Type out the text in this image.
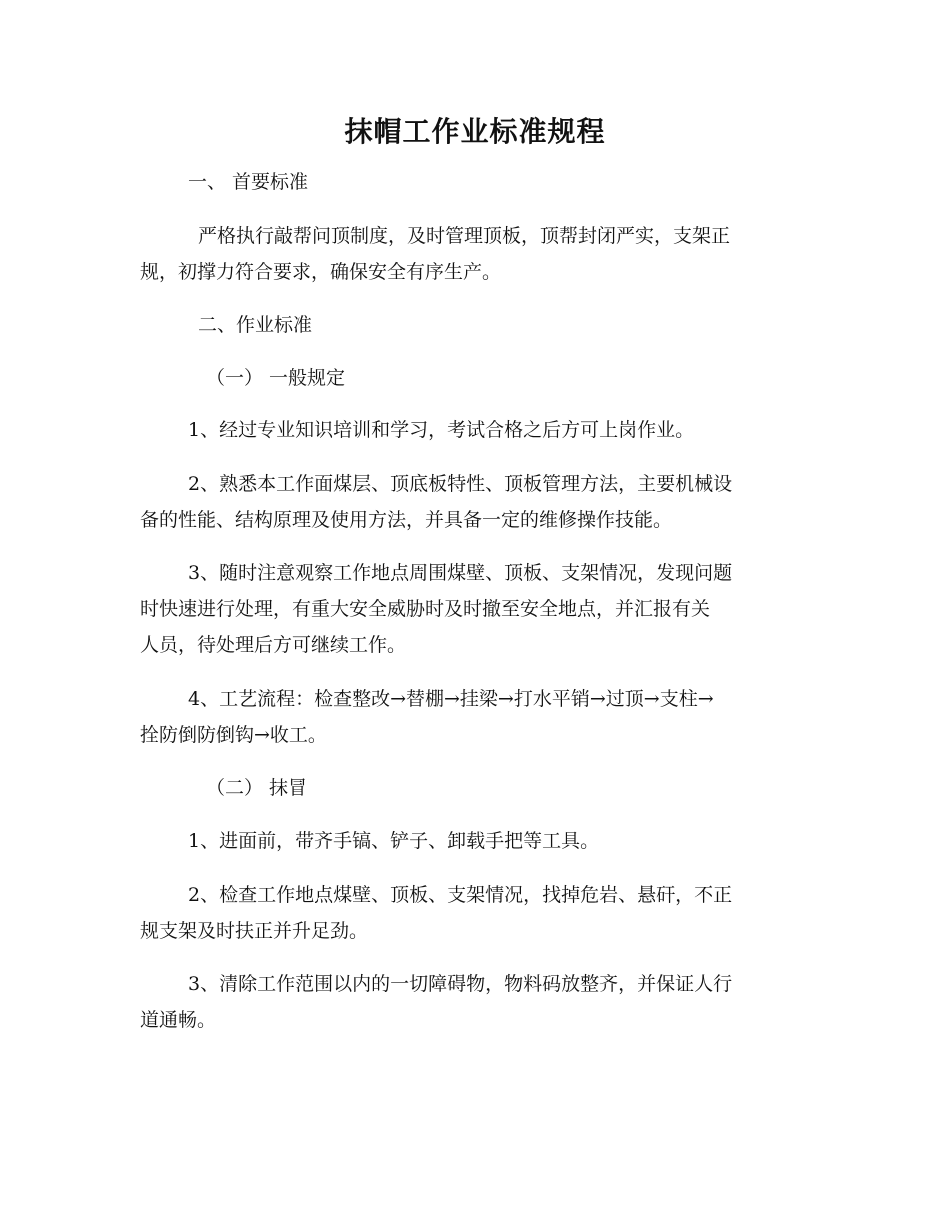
抹帽工作业标准规程
一、 首要标准
严格执行敲帮问顶制度，及时管理顶板，顶帮封闭严实，支架正
规，初撑力符合要求，确保安全有序生产。
二、作业标准
（一） 一般规定
1、经过专业知识培训和学习，考试合格之后方可上岗作业。
2、熟悉本工作面煤层、顶底板特性、顶板管理方法，主要机械设
备的性能、结构原理及使用方法，并具备一定的维修操作技能。
3、随时注意观察工作地点周围煤壁、顶板、支架情况，发现问题
时快速进行处理，有重大安全威胁时及时撤至安全地点，并汇报有关
人员，待处理后方可继续工作。
4、工艺流程：检查整改→替棚→挂梁→打水平销→过顶→支柱→
拴防倒防倒钩→收工。
（二） 抹冒
1、进面前，带齐手镐、铲子、卸载手把等工具。
2、检查工作地点煤壁、顶板、支架情况，找掉危岩、悬矸，不正
规支架及时扶正并升足劲。
3、清除工作范围以内的一切障碍物，物料码放整齐，并保证人行
道通畅。
